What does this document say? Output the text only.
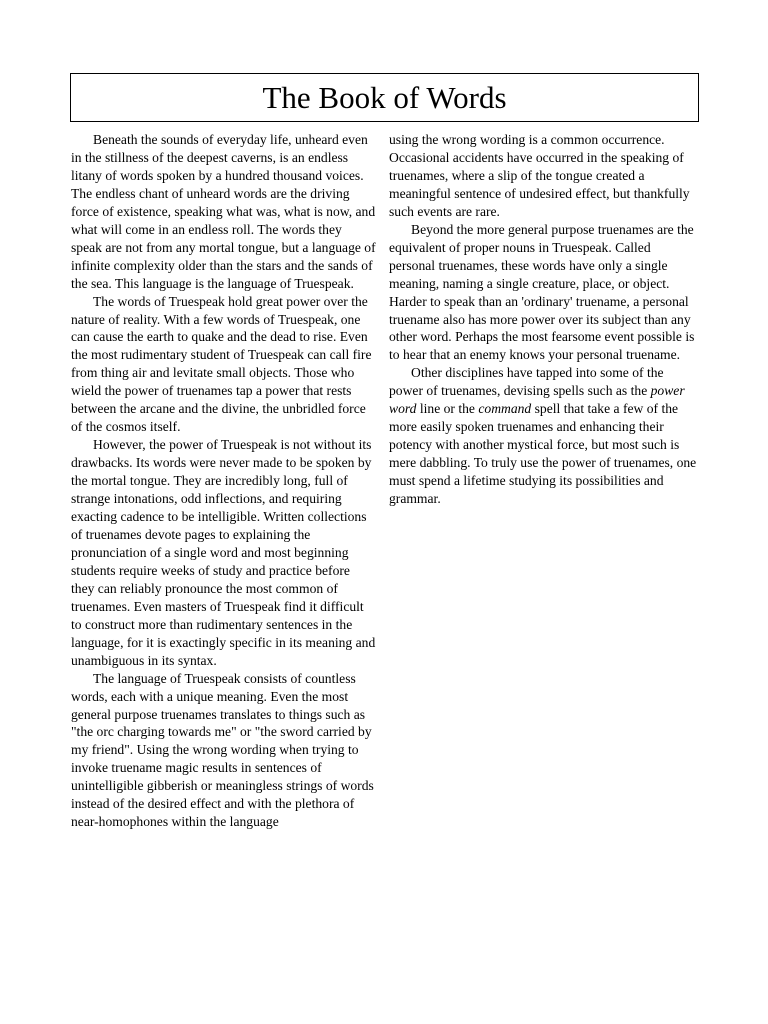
The Book of Words

Beneath the sounds of everyday life, unheard even in the stillness of the deepest caverns, is an endless litany of words spoken by a hundred thousand voices. The endless chant of unheard words are the driving force of existence, speaking what was, what is now, and what will come in an endless roll. The words they speak are not from any mortal tongue, but a language of infinite complexity older than the stars and the sands of the sea. This language is the language of Truespeak.

The words of Truespeak hold great power over the nature of reality. With a few words of Truespeak, one can cause the earth to quake and the dead to rise. Even the most rudimentary student of Truespeak can call fire from thing air and levitate small objects. Those who wield the power of truenames tap a power that rests between the arcane and the divine, the unbridled force of the cosmos itself.

However, the power of Truespeak is not without its drawbacks. Its words were never made to be spoken by the mortal tongue. They are incredibly long, full of strange intonations, odd inflections, and requiring exacting cadence to be intelligible. Written collections of truenames devote pages to explaining the pronunciation of a single word and most beginning students require weeks of study and practice before they can reliably pronounce the most common of truenames. Even masters of Truespeak find it difficult to construct more than rudimentary sentences in the language, for it is exactingly specific in its meaning and unambiguous in its syntax.

The language of Truespeak consists of countless words, each with a unique meaning. Even the most general purpose truenames translates to things such as "the orc charging towards me" or "the sword carried by my friend". Using the wrong wording when trying to invoke truename magic results in sentences of unintelligible gibberish or meaningless strings of words instead of the desired effect and with the plethora of near-homophones within the language

using the wrong wording is a common occurrence. Occasional accidents have occurred in the speaking of truenames, where a slip of the tongue created a meaningful sentence of undesired effect, but thankfully such events are rare.

Beyond the more general purpose truenames are the equivalent of proper nouns in Truespeak. Called personal truenames, these words have only a single meaning, naming a single creature, place, or object. Harder to speak than an 'ordinary' truename, a personal truename also has more power over its subject than any other word. Perhaps the most fearsome event possible is to hear that an enemy knows your personal truename.

Other disciplines have tapped into some of the power of truenames, devising spells such as the power word line or the command spell that take a few of the more easily spoken truenames and enhancing their potency with another mystical force, but most such is mere dabbling. To truly use the power of truenames, one must spend a lifetime studying its possibilities and grammar.
